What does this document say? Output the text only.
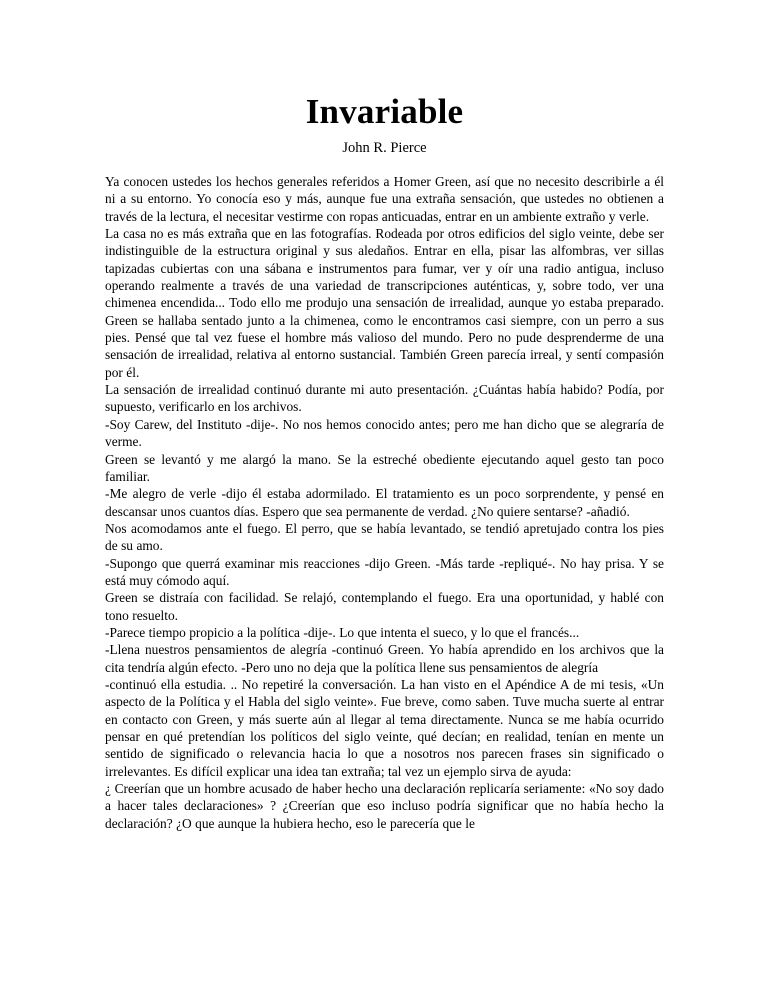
Invariable
John R. Pierce

Ya conocen ustedes los hechos generales referidos a Homer Green, así que no necesito describirle a él ni a su entorno. Yo conocía eso y más, aunque fue una extraña sensación, que ustedes no obtienen a través de la lectura, el necesitar vestirme con ropas anticuadas, entrar en un ambiente extraño y verle.

La casa no es más extraña que en las fotografías. Rodeada por otros edificios del siglo veinte, debe ser indistinguible de la estructura original y sus aledaños. Entrar en ella, pisar las alfombras, ver sillas tapizadas cubiertas con una sábana e instrumentos para fumar, ver y oír una radio antigua, incluso operando realmente a través de una variedad de transcripciones auténticas, y, sobre todo, ver una chimenea encendida... Todo ello me produjo una sensación de irrealidad, aunque yo estaba preparado. Green se hallaba sentado junto a la chimenea, como le encontramos casi siempre, con un perro a sus pies. Pensé que tal vez fuese el hombre más valioso del mundo. Pero no pude desprenderme de una sensación de irrealidad, relativa al entorno sustancial. También Green parecía irreal, y sentí compasión por él.

La sensación de irrealidad continuó durante mi auto presentación. ¿Cuántas había habido? Podía, por supuesto, verificarlo en los archivos.

-Soy Carew, del Instituto -dije-. No nos hemos conocido antes; pero me han dicho que se alegraría de verme.

Green se levantó y me alargó la mano. Se la estreché obediente ejecutando aquel gesto tan poco familiar.

-Me alegro de verle -dijo él estaba adormilado. El tratamiento es un poco sorprendente, y pensé en descansar unos cuantos días. Espero que sea permanente de verdad. ¿No quiere sentarse? -añadió.

Nos acomodamos ante el fuego. El perro, que se había levantado, se tendió apretujado contra los pies de su amo.

-Supongo que querrá examinar mis reacciones -dijo Green. -Más tarde -repliqué-. No hay prisa. Y se está muy cómodo aquí.

Green se distraía con facilidad. Se relajó, contemplando el fuego. Era una oportunidad, y hablé con tono resuelto.

-Parece tiempo propicio a la política -dije-. Lo que intenta el sueco, y lo que el francés...

-Llena nuestros pensamientos de alegría -continuó Green. Yo había aprendido en los archivos que la cita tendría algún efecto. -Pero uno no deja que la política llene sus pensamientos de alegría

-continuó ella estudia. .. No repetiré la conversación. La han visto en el Apéndice A de mi tesis, «Un aspecto de la Política y el Habla del siglo veinte». Fue breve, como saben. Tuve mucha suerte al entrar en contacto con Green, y más suerte aún al llegar al tema directamente. Nunca se me había ocurrido pensar en qué pretendían los políticos del siglo veinte, qué decían; en realidad, tenían en mente un sentido de significado o relevancia hacia lo que a nosotros nos parecen frases sin significado o irrelevantes. Es difícil explicar una idea tan extraña; tal vez un ejemplo sirva de ayuda:

¿ Creerían que un hombre acusado de haber hecho una declaración replicaría seriamente: «No soy dado a hacer tales declaraciones» ? ¿Creerían que eso incluso podría significar que no había hecho la declaración? ¿O que aunque la hubiera hecho, eso le parecería que le
